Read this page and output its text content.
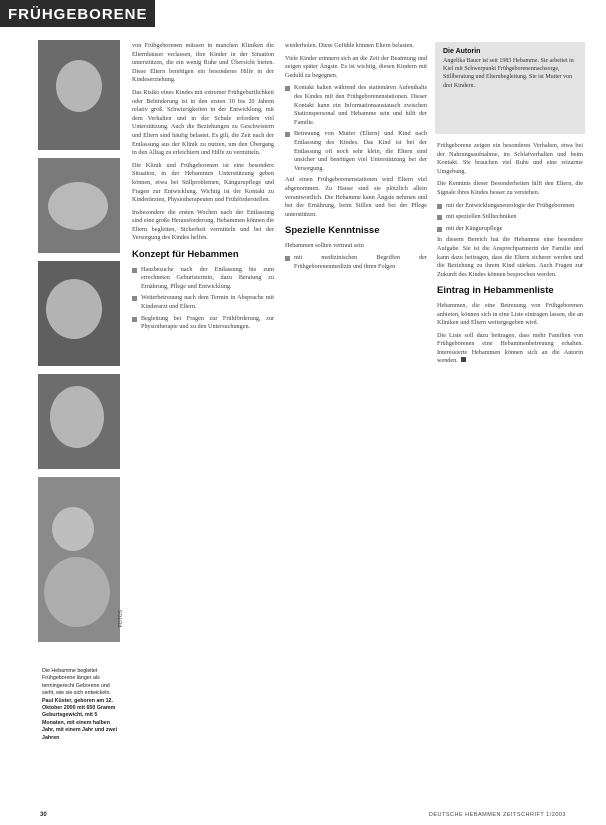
FRÜHGEBORENE
FOTOS
Die Hebamme begleitet Frühgeborene länger als termingerecht Geborene und sieht, wie sie sich entwickeln.
Paul Küster, geboren am 12. Oktober 2000 mit 650 Gramm Geburtsgewicht, mit 5 Monaten, mit einem halben Jahr, mit einem Jahr und zwei Jahren

von Frühgeborenen müssen in manchen Kliniken die Elternhäuser verlassen, ihre Kinder in der Situation unterstützen, die ein wenig Ruhe und Übersicht bieten. Diese Eltern benötigen ein besonderes Hilfe in der Kindeserziehung.

Das Risiko eines Kindes mit extremer Frühgeburtlichkeit oder Behinderung ist in den ersten 10 bis 20 Jahren relativ groß. Schwierigkeiten in der Entwicklung, mit dem Verhalten und in der Schule erfordern viel Unterstützung. Auch die Beziehungen zu Geschwistern und Eltern sind häufig belastet. Es gilt, die Zeit nach der Entlassung aus der Klinik zu nutzen, um den Übergang in den Alltag zu erleichtern und Hilfe zu vermitteln.

Die Klinik und Frühgeborenen ist eine besondere Situation, in der Hebammen Unterstützung geben können, etwa bei Stillproblemen, Kängurupflege und Fragen zur Entwicklung. Wichtig ist der Kontakt zu Kinderärzten, Physiotherapeuten und Frühförderstellen.

Insbesondere die ersten Wochen nach der Entlassung sind eine große Herausforderung. Hebammen können die Eltern begleiten, Sicherheit vermitteln und bei der Versorgung des Kindes helfen.

Konzept für Hebammen
Hausbesuche nach der Entlassung bis zum errechneten Geburtstermin, dazu Beratung zu Ernährung, Pflege und Entwicklung.
Weiterbetreuung nach dem Termin in Absprache mit Kinderarzt und Eltern.
Begleitung bei Fragen zur Frühförderung, zur Physiotherapie und zu den Untersuchungen.

wiederholen. Diese Gefühle können Eltern belasten.

Viele Kinder erinnern sich an die Zeit der Beatmung und zeigen später Ängste. Es ist wichtig, diesen Kindern mit Geduld zu begegnen.

Kontakt halten während des stationären Aufenthalts des Kindes mit den Frühgeborenenstationen. Dieser Kontakt kann ein Informationsaustausch zwischen Stationspersonal und Hebamme sein und hilft der Familie.
Betreuung von Mutter (Eltern) und Kind nach Entlassung des Kindes. Das Kind ist bei der Entlassung oft noch sehr klein, die Eltern sind unsicher und benötigen viel Unterstützung bei der Versorgung.

Auf einen Frühgeborenenstationen wird Eltern viel abgenommen. Zu Hause sind sie plötzlich allein verantwortlich. Die Hebamme kann Ängste nehmen und bei der Ernährung, beim Stillen und bei der Pflege unterstützen.

Spezielle Kenntnisse

Hebammen sollten vertraut sein

mit medizinischen Begriffen der Frühgeborenenmedizin und ihren Folgen
Die Autorin

Angelika Bauer ist seit 1983 Hebamme. Sie arbeitet in Kiel mit Schwerpunkt Frühgeborenennachsorge, Stillberatung und Elternbegleitung. Sie ist Mutter von drei Kindern.

Frühgeborene zeigen ein besonderes Verhalten, etwa bei der Nahrungsaufnahme, im Schlafverhalten und beim Kontakt. Sie brauchen viel Ruhe und eine reizarme Umgebung.

Die Kenntnis dieser Besonderheiten hilft den Eltern, die Signale ihres Kindes besser zu verstehen.

mit der Entwicklungsneurologie der Frühgeborenen
mit speziellen Stilltechniken
mit der Kängurupflege

In diesem Bereich hat die Hebamme eine besondere Aufgabe. Sie ist die Ansprechpartnerin der Familie und kann dazu beitragen, dass die Eltern sicherer werden und die Beziehung zu ihrem Kind stärken. Auch Fragen zur Zukunft des Kindes können besprochen werden.

Eintrag in Hebammenliste

Hebammen, die eine Betreuung von Frühgeborenen anbieten, können sich in eine Liste eintragen lassen, die an Kliniken und Eltern weitergegeben wird.

Die Liste soll dazu beitragen, dass mehr Familien von Frühgeborenen eine Hebammenbetreuung erhalten. Interessierte Hebammen können sich an die Autorin wenden.

30	DEUTSCHE HEBAMMEN ZEITSCHRIFT 1/2003
